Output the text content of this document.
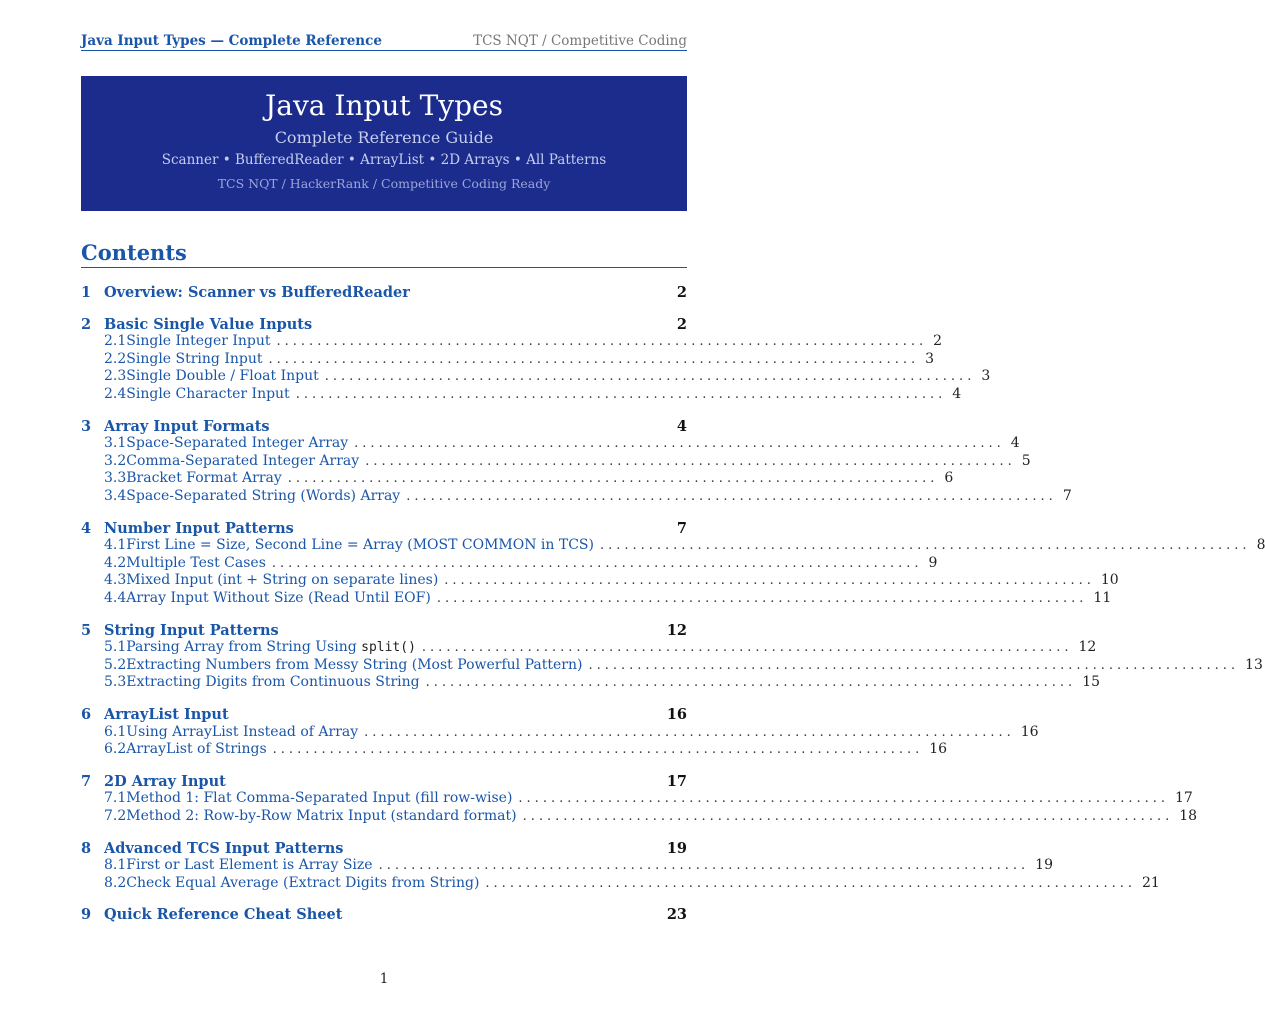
Java Input Types — Complete Reference	TCS NQT / Competitive Coding
Java Input Types
Complete Reference Guide
Scanner • BufferedReader • ArrayList • 2D Arrays • All Patterns
TCS NQT / HackerRank / Competitive Coding Ready
Contents
1 Overview: Scanner vs BufferedReader	2
2 Basic Single Value Inputs	2
2.1 Single Integer Input ................................................................................ 2
2.2 Single String Input ................................................................................ 3
2.3 Single Double / Float Input ................................................................................ 3
2.4 Single Character Input ................................................................................ 4
3 Array Input Formats	4
3.1 Space-Separated Integer Array ................................................................................ 4
3.2 Comma-Separated Integer Array ................................................................................ 5
3.3 Bracket Format Array ................................................................................ 6
3.4 Space-Separated String (Words) Array ................................................................................ 7
4 Number Input Patterns	7
4.1 First Line = Size, Second Line = Array (MOST COMMON in TCS) ................................................................................ 8
4.2 Multiple Test Cases ................................................................................ 9
4.3 Mixed Input (int + String on separate lines) ................................................................................ 10
4.4 Array Input Without Size (Read Until EOF) ................................................................................ 11
5 String Input Patterns	12
5.1 Parsing Array from String Using split() ................................................................................ 12
5.2 Extracting Numbers from Messy String (Most Powerful Pattern) ................................................................................ 13
5.3 Extracting Digits from Continuous String ................................................................................ 15
6 ArrayList Input	16
6.1 Using ArrayList Instead of Array ................................................................................ 16
6.2 ArrayList of Strings ................................................................................ 16
7 2D Array Input	17
7.1 Method 1: Flat Comma-Separated Input (fill row-wise) ................................................................................ 17
7.2 Method 2: Row-by-Row Matrix Input (standard format) ................................................................................ 18
8 Advanced TCS Input Patterns	19
8.1 First or Last Element is Array Size ................................................................................ 19
8.2 Check Equal Average (Extract Digits from String) ................................................................................ 21
9 Quick Reference Cheat Sheet	23
1
